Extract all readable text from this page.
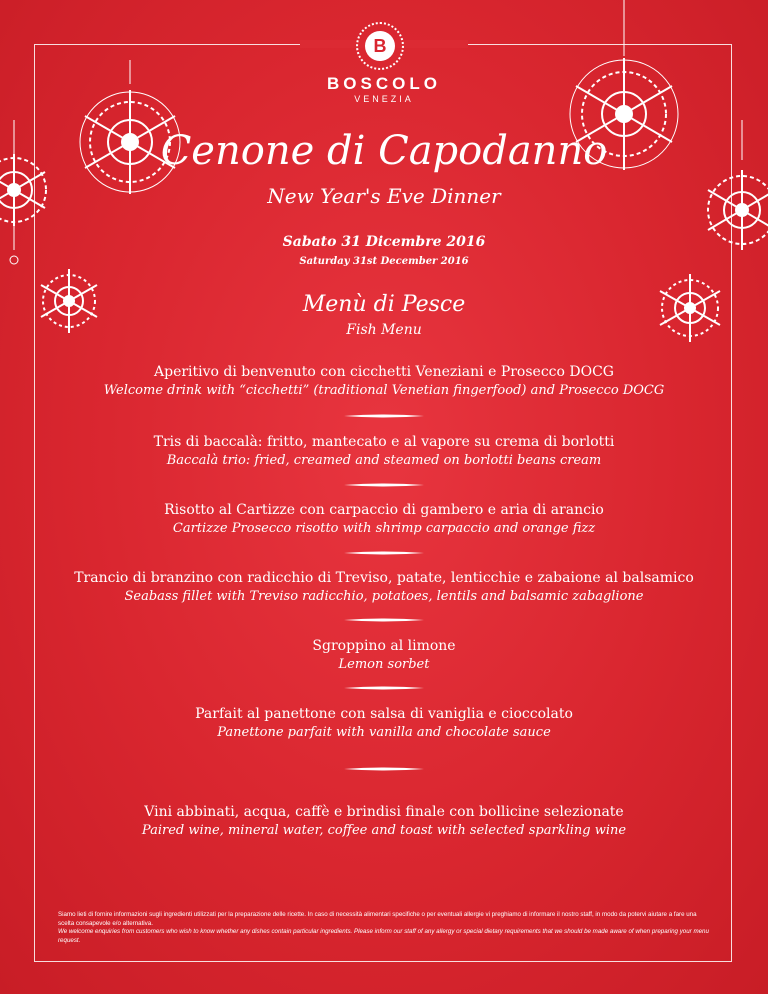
B
BOSCOLO
VENEZIA
Cenone di Capodanno
New Year's Eve Dinner
Sabato 31 Dicembre 2016
Saturday 31st December 2016
Menù di Pesce
Fish Menu
Aperitivo di benvenuto con cicchetti Veneziani e Prosecco DOCG
Welcome drink with “cicchetti” (traditional Venetian fingerfood) and Prosecco DOCG
Tris di baccalà: fritto, mantecato e al vapore su crema di borlotti
Baccalà trio: fried, creamed and steamed on borlotti beans cream
Risotto al Cartizze con carpaccio di gambero e aria di arancio
Cartizze Prosecco risotto with shrimp carpaccio and orange fizz
Trancio di branzino con radicchio di Treviso, patate, lenticchie e zabaione al balsamico
Seabass fillet with Treviso radicchio, potatoes, lentils and balsamic zabaglione
Sgroppino al limone
Lemon sorbet
Parfait al panettone con salsa di vaniglia e cioccolato
Panettone parfait with vanilla and chocolate sauce
Vini abbinati, acqua, caffè e brindisi finale con bollicine selezionate
Paired wine, mineral water, coffee and toast with selected sparkling wine
Siamo lieti di fornire informazioni sugli ingredienti utilizzati per la preparazione delle ricette. In caso di necessità alimentari specifiche o per eventuali allergie vi preghiamo di informare il nostro staff, in modo da potervi aiutare a fare una scelta consapevole e/o alternativa.
We welcome enquiries from customers who wish to know whether any dishes contain particular ingredients. Please inform our staff of any allergy or special dietary requirements that we should be made aware of when preparing your menu request.
